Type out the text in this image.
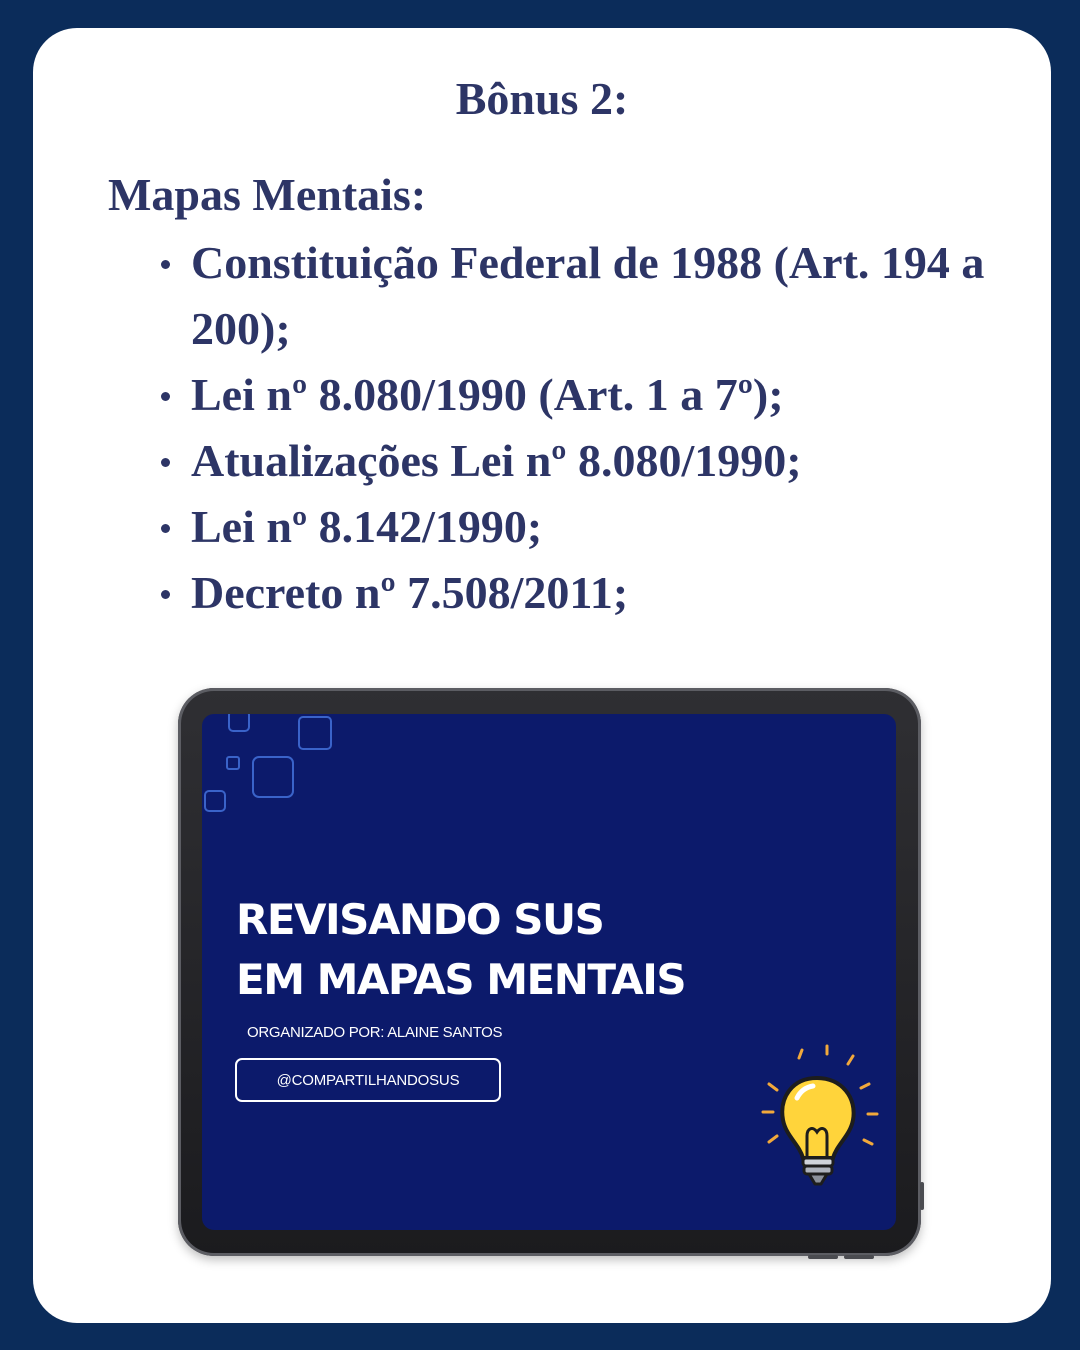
Bônus 2:
Mapas Mentais:
Constituição Federal de 1988 (Art. 194 a 200);
Lei nº 8.080/1990 (Art. 1 a 7º);
Atualizações Lei nº 8.080/1990;
Lei nº 8.142/1990;
Decreto nº 7.508/2011;
REVISANDO SUS
EM MAPAS MENTAIS
ORGANIZADO POR: ALAINE SANTOS
@COMPARTILHANDOSUS
